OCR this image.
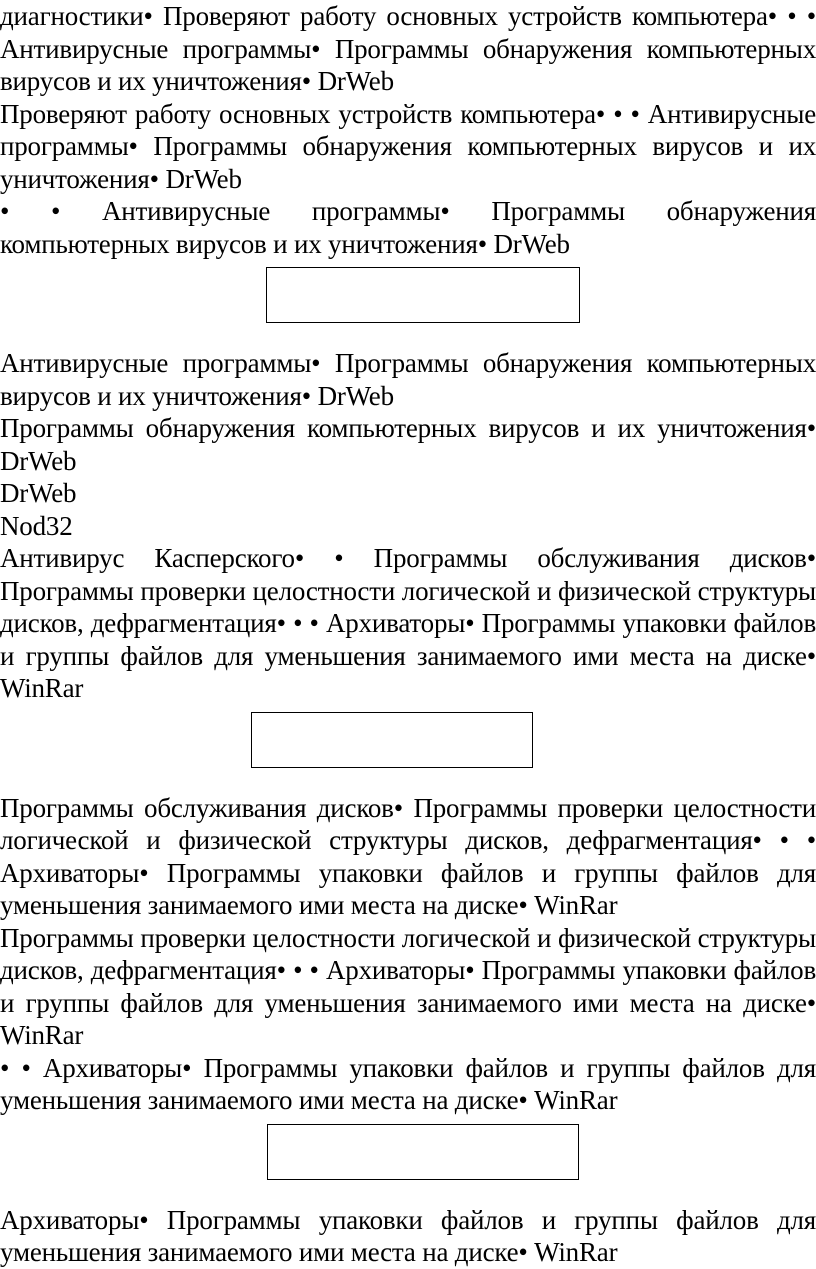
диагностики• Проверяют работу основных устройств компьютера• • • Антивирусные программы• Программы обнаружения компьютерных вирусов и их уничтожения• DrWeb

Проверяют работу основных устройств компьютера• • • Антивирусные программы• Программы обнаружения компьютерных вирусов и их уничтожения• DrWeb

• • Антивирусные программы• Программы обнаружения компьютерных вирусов и их уничтожения• DrWeb

Антивирусные программы• Программы обнаружения компьютерных вирусов и их уничтожения• DrWeb

Программы обнаружения компьютерных вирусов и их уничтожения• DrWeb

DrWeb

Nod32

Антивирус Касперского• • Программы обслуживания дисков• Программы проверки целостности логической и физической структуры дисков, дефрагментация• • • Архиваторы• Программы упаковки файлов и группы файлов для уменьшения занимаемого ими места на диске• WinRar

Программы обслуживания дисков• Программы проверки целостности логической и физической структуры дисков, дефрагментация• • • Архиваторы• Программы упаковки файлов и группы файлов для уменьшения занимаемого ими места на диске• WinRar

Программы проверки целостности логической и физической структуры дисков, дефрагментация• • • Архиваторы• Программы упаковки файлов и группы файлов для уменьшения занимаемого ими места на диске• WinRar

• • Архиваторы• Программы упаковки файлов и группы файлов для уменьшения занимаемого ими места на диске• WinRar

Архиваторы• Программы упаковки файлов и группы файлов для уменьшения занимаемого ими места на диске• WinRar
